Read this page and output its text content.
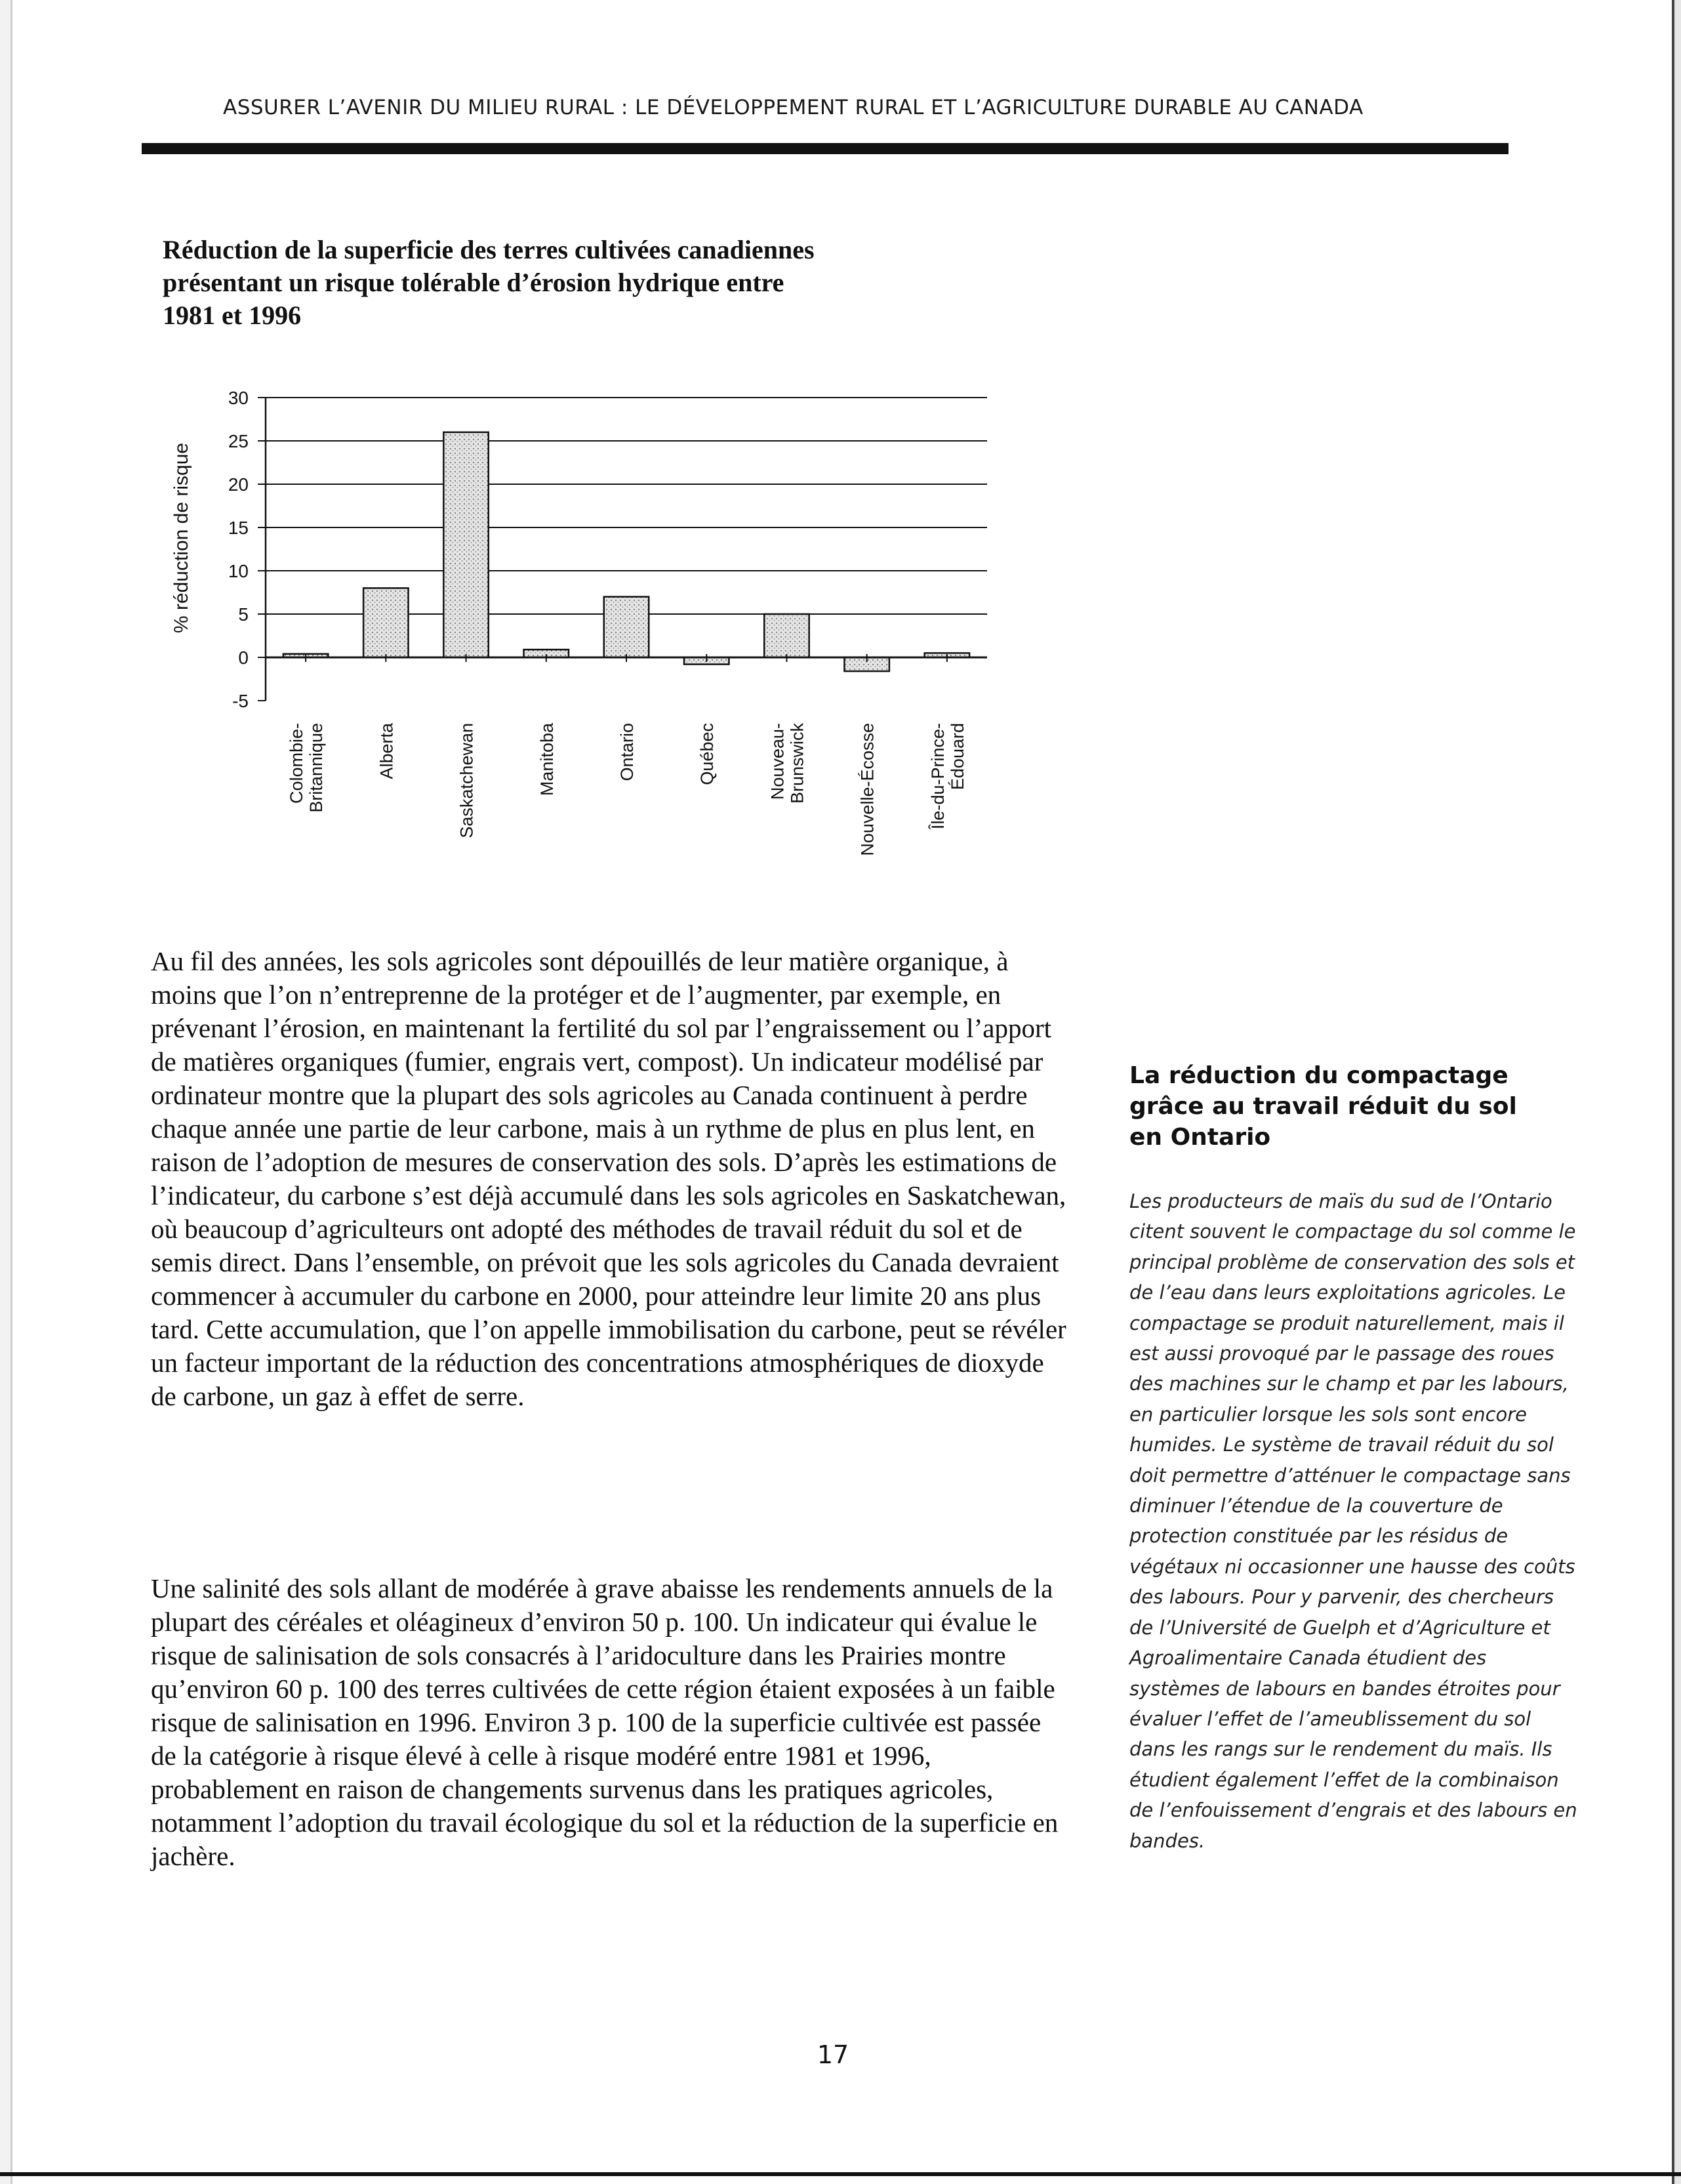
ASSURER L’AVENIR DU MILIEU RURAL : LE DÉVELOPPEMENT RURAL ET L’AGRICULTURE DURABLE AU CANADA
Réduction de la superficie des terres cultivées canadiennes
présentant un risque tolérable d’érosion hydrique entre
1981 et 1996
% réduction de risque
-5
0
5
10
15
20
25
30
Colombie- Britannique	Alberta	Saskatchewan	Manitoba	Ontario	Québec	Nouveau- Brunswick	Nouvelle-Écosse	Île-du-Prince- Édouard

Au fil des années, les sols agricoles sont dépouillés de leur matière organique, à moins que l’on n’entreprenne de la protéger et de l’augmenter, par exemple, en prévenant l’érosion, en maintenant la fertilité du sol par l’engraissement ou l’apport de matières organiques (fumier, engrais vert, compost). Un indicateur modélisé par ordinateur montre que la plupart des sols agricoles au Canada continuent à perdre chaque année une partie de leur carbone, mais à un rythme de plus en plus lent, en raison de l’adoption de mesures de conservation des sols. D’après les estimations de l’indicateur, du carbone s’est déjà accumulé dans les sols agricoles en Saskatchewan, où beaucoup d’agriculteurs ont adopté des méthodes de travail réduit du sol et de semis direct. Dans l’ensemble, on prévoit que les sols agricoles du Canada devraient commencer à accumuler du carbone en 2000, pour atteindre leur limite 20 ans plus tard. Cette accumulation, que l’on appelle immobilisation du carbone, peut se révéler un facteur important de la réduction des concentrations atmosphériques de dioxyde de carbone, un gaz à effet de serre.

Une salinité des sols allant de modérée à grave abaisse les rendements annuels de la plupart des céréales et oléagineux d’environ 50 p. 100. Un indicateur qui évalue le risque de salinisation de sols consacrés à l’aridoculture dans les Prairies montre qu’environ 60 p. 100 des terres cultivées de cette région étaient exposées à un faible risque de salinisation en 1996. Environ 3 p. 100 de la superficie cultivée est passée de la catégorie à risque élevé à celle à risque modéré entre 1981 et 1996, probablement en raison de changements survenus dans les pratiques agricoles, notamment l’adoption du travail écologique du sol et la réduction de la superficie en jachère.

La réduction du compactage
grâce au travail réduit du sol
en Ontario

Les producteurs de maïs du sud de l’Ontario citent souvent le compactage du sol comme le principal problème de conservation des sols et de l’eau dans leurs exploitations agricoles. Le compactage se produit naturellement, mais il est aussi provoqué par le passage des roues des machines sur le champ et par les labours, en particulier lorsque les sols sont encore humides. Le système de travail réduit du sol doit permettre d’atténuer le compactage sans diminuer l’étendue de la couverture de protection constituée par les résidus de végétaux ni occasionner une hausse des coûts des labours. Pour y parvenir, des chercheurs de l’Université de Guelph et d’Agriculture et Agroalimentaire Canada étudient des systèmes de labours en bandes étroites pour évaluer l’effet de l’ameublissement du sol dans les rangs sur le rendement du maïs. Ils étudient également l’effet de la combinaison de l’enfouissement d’engrais et des labours en bandes.

17
